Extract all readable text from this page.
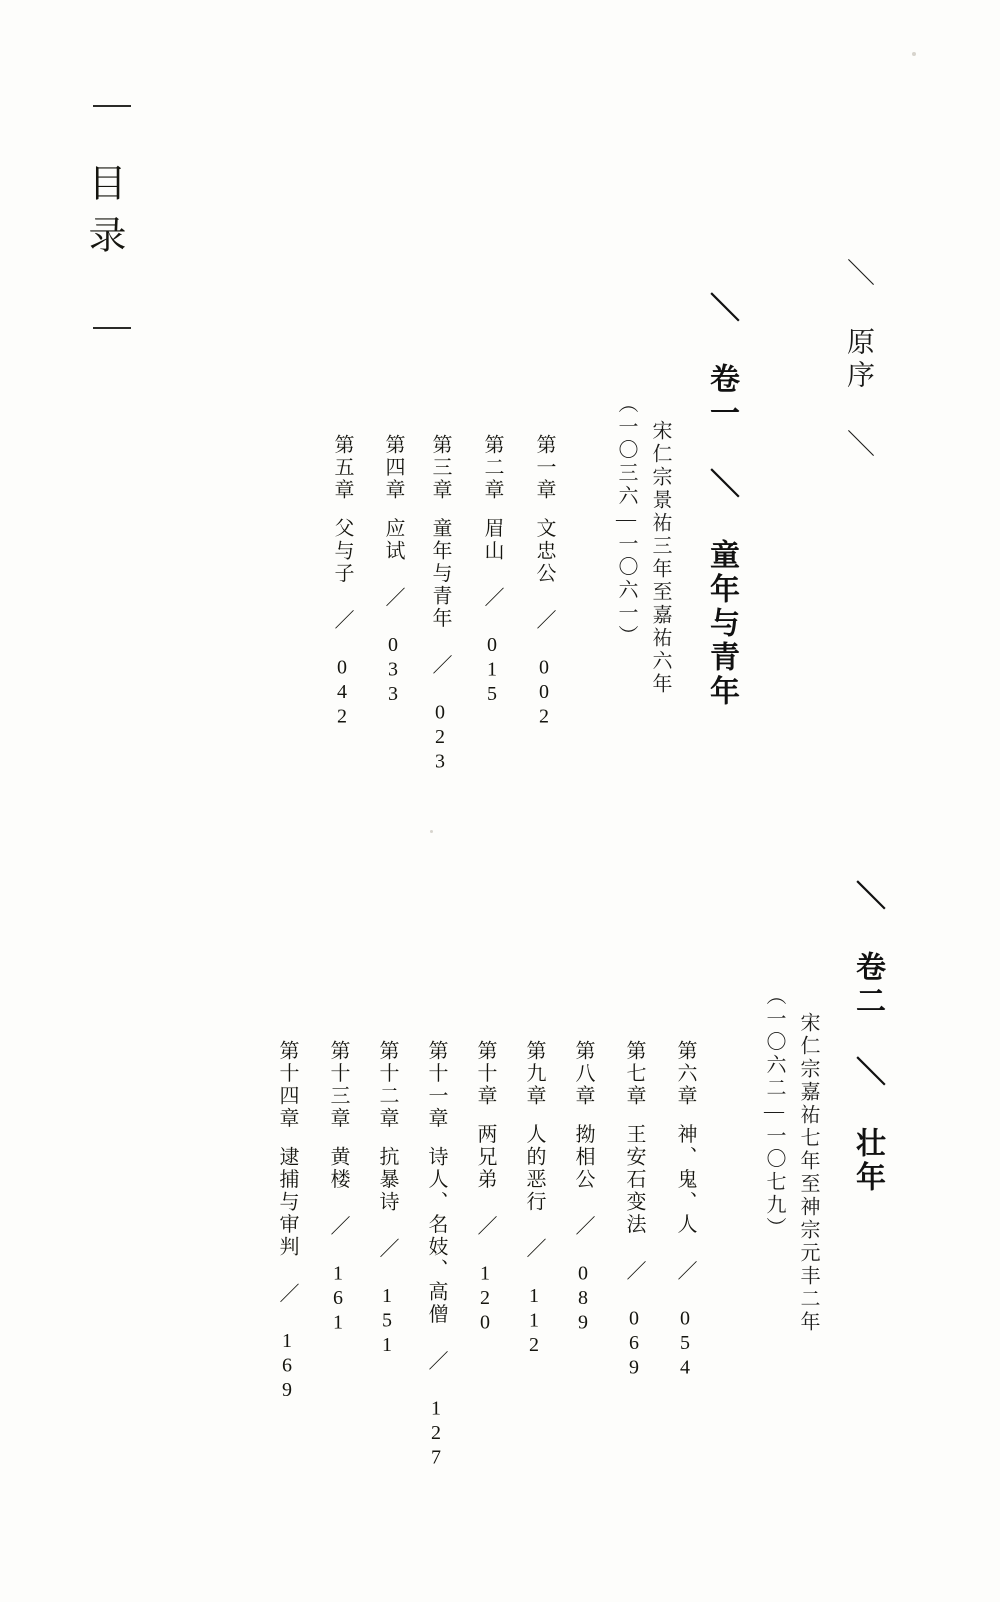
目录
＼ 原序 ＼
＼ 卷一 ＼ 童年与青年
宋仁宗景祐三年至嘉祐六年
（一〇三六—一〇六一）
第一章文忠公 ／ 002
第二章眉山 ／ 015
第三章童年与青年 ／ 023
第四章应试 ／ 033
第五章父与子 ／ 042
＼ 卷二 ＼ 壮年
宋仁宗嘉祐七年至神宗元丰二年
（一〇六二—一〇七九）
第六章神、鬼、人 ／ 054
第七章王安石变法 ／ 069
第八章拗相公 ／ 089
第九章人的恶行 ／ 112
第十章两兄弟 ／ 120
第十一章诗人、名妓、高僧 ／ 127
第十二章抗暴诗 ／ 151
第十三章黄楼 ／ 161
第十四章逮捕与审判 ／ 169
